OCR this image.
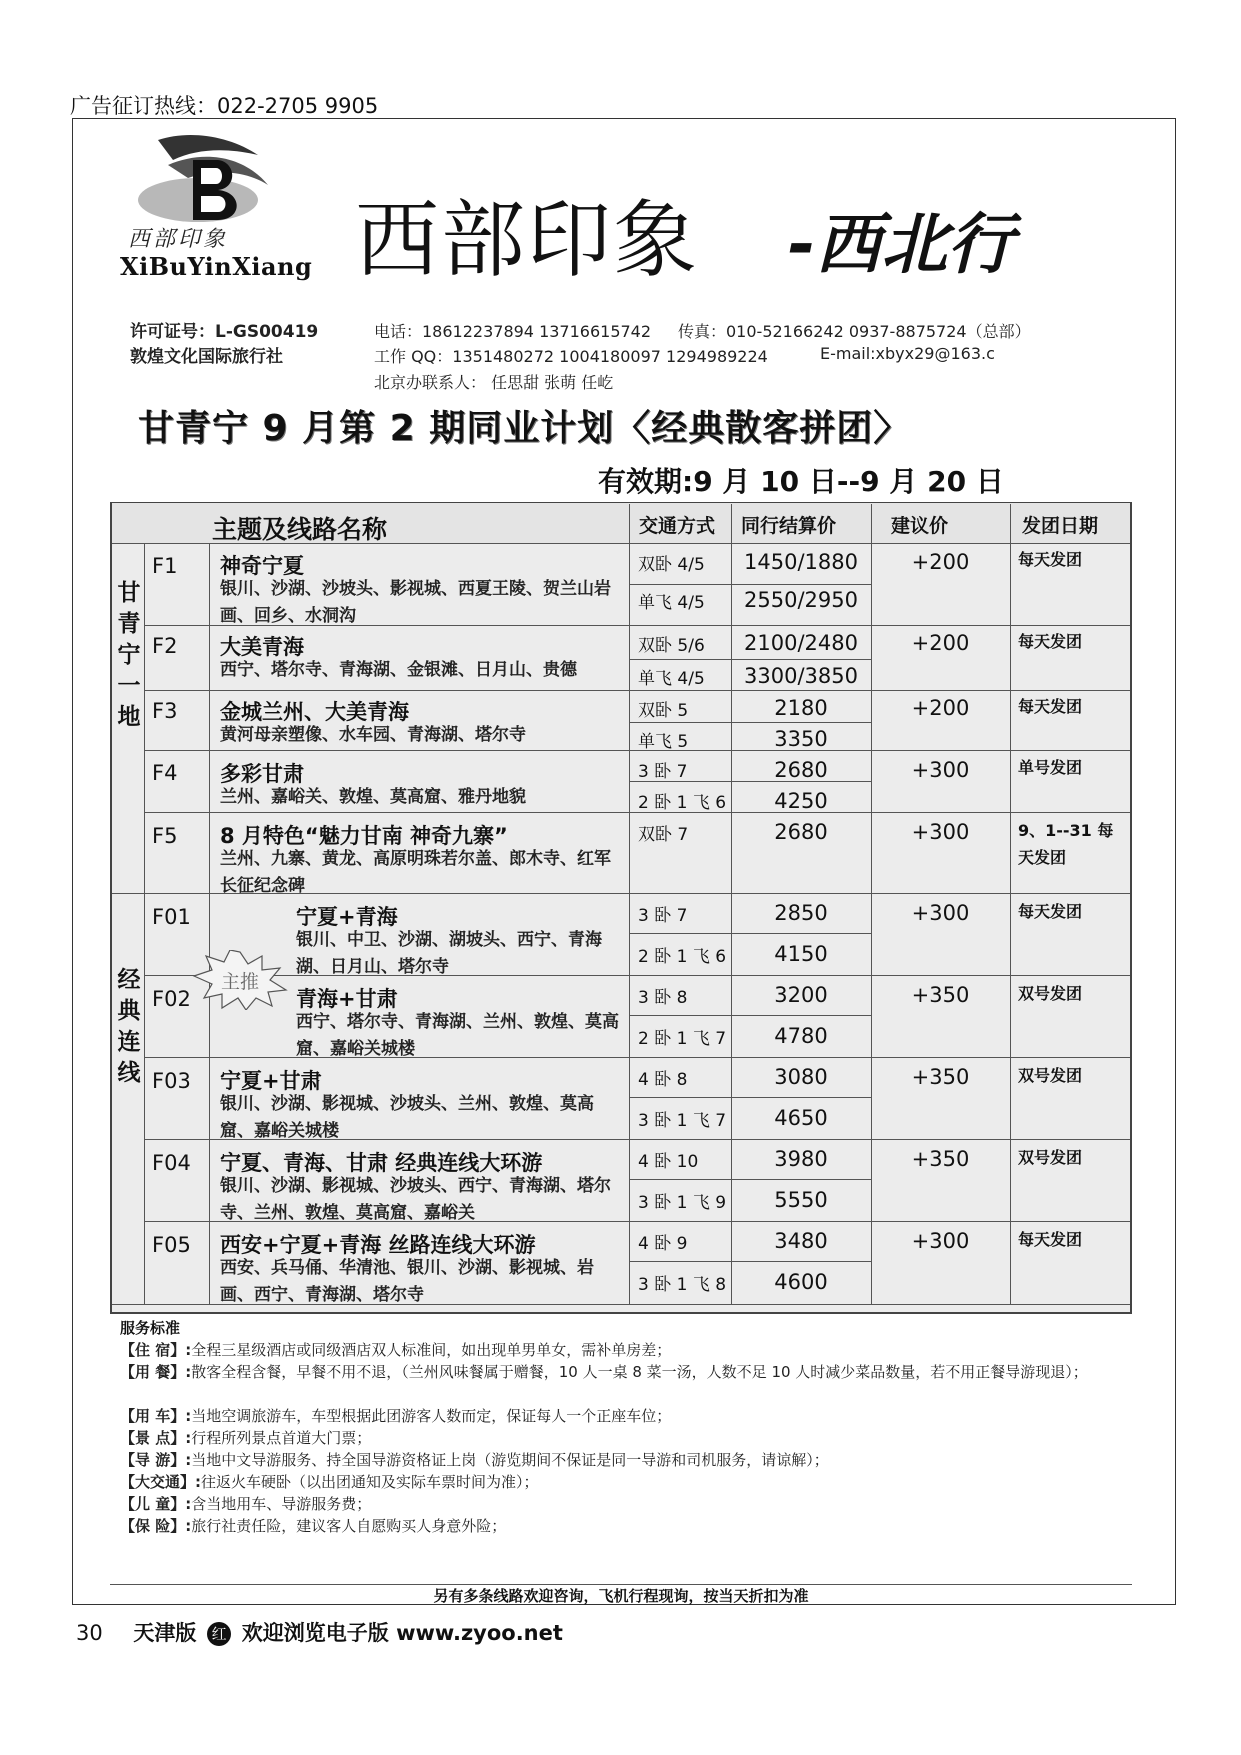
广告征订热线：022-2705 9905
西部印象
XiBuYinXiang 西部印象 -西北行
许可证号：L-GS00419
敦煌文化国际旅行社
电话：18612237894 13716615742 传真：010-52166242 0937-8875724（总部）
工作 QQ：1351480272 1004180097 1294989224	E-mail:xbyx29@163.c
北京办联系人： 任思甜 张萌 任屹
甘青宁 9 月第 2 期同业计划〈经典散客拼团〉
有效期:9 月 10 日--9 月 20 日
主题及线路名称	交通方式 同行结算价	建议价	发团日期
甘青宁一地
经典连线
F1 神奇宁夏
银川、沙湖、沙坡头、影视城、西夏王陵、贺兰山岩画、回乡、水洞沟
双卧 4/5	1450/1880
单飞 4/5	2550/2950
+200	每天发团
F2 大美青海
西宁、塔尔寺、青海湖、金银滩、日月山、贵德
双卧 5/6	2100/2480
单飞 4/5	3300/3850
+200	每天发团
F3 金城兰州、大美青海
黄河母亲塑像、水车园、青海湖、塔尔寺
双卧 5	2180
单飞 5	3350
+200	每天发团
F4 多彩甘肃
兰州、嘉峪关、敦煌、莫高窟、雅丹地貌
3 卧 7	2680
2 卧 1 飞 6	4250
+300	单号发团
F5 8 月特色“魅力甘南 神奇九寨”
兰州、九寨、黄龙、高原明珠若尔盖、郎木寺、红军长征纪念碑
双卧 7	2680	+300	9、1--31 每天发团
F01	宁夏+青海
银川、中卫、沙湖、湖坡头、西宁、青海湖、日月山、塔尔寺
3 卧 7	2850
2 卧 1 飞 6	4150
+300	每天发团
F02	青海+甘肃
西宁、塔尔寺、青海湖、兰州、敦煌、莫高窟、嘉峪关城楼
3 卧 8	3200
2 卧 1 飞 7	4780
+350	双号发团
F03 宁夏+甘肃
银川、沙湖、影视城、沙坡头、兰州、敦煌、莫高窟、嘉峪关城楼
4 卧 8	3080
3 卧 1 飞 7	4650
+350	双号发团
F04 宁夏、青海、甘肃 经典连线大环游
银川、沙湖、影视城、沙坡头、西宁、青海湖、塔尔寺、兰州、敦煌、莫高窟、嘉峪关
4 卧 10	3980
3 卧 1 飞 9	5550
+350	双号发团
F05 西安+宁夏+青海 丝路连线大环游
西安、兵马俑、华清池、银川、沙湖、影视城、岩画、西宁、青海湖、塔尔寺
4 卧 9	3480
3 卧 1 飞 8	4600
+300	每天发团
主推
服务标准
【住 宿】:全程三星级酒店或同级酒店双人标准间，如出现单男单女，需补单房差；
【用 餐】:散客全程含餐，早餐不用不退，（兰州风味餐属于赠餐，10 人一桌 8 菜一汤，人数不足 10 人时减少菜品数量，若不用正餐导游现退）；
【用 车】:当地空调旅游车，车型根据此团游客人数而定，保证每人一个正座车位；
【景 点】:行程所列景点首道大门票；
【导 游】:当地中文导游服务、持全国导游资格证上岗（游览期间不保证是同一导游和司机服务，请谅解）；
【大交通】:往返火车硬卧（以出团通知及实际车票时间为准）；
【儿 童】:含当地用车、导游服务费；
【保 险】:旅行社责任险，建议客人自愿购买人身意外险；
另有多条线路欢迎咨询，飞机行程现询，按当天折扣为准
30 天津版 红 欢迎浏览电子版 www.zyoo.net
